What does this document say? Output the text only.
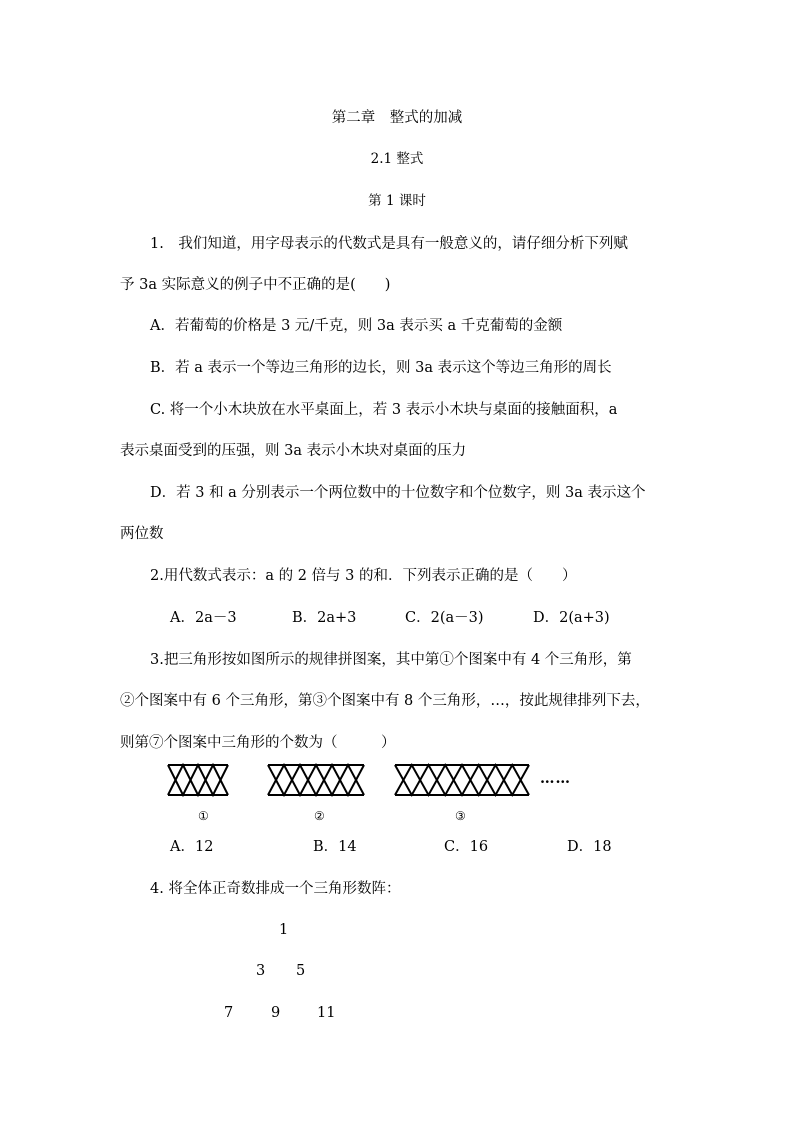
第二章　整式的加减
2.1 整式
第 1 课时
1.　我们知道，用字母表示的代数式是具有一般意义的，请仔细分析下列赋
予 3a 实际意义的例子中不正确的是(　　)
A．若葡萄的价格是 3 元/千克，则 3a 表示买 a 千克葡萄的金额
B．若 a 表示一个等边三角形的边长，则 3a 表示这个等边三角形的周长
C. 将一个小木块放在水平桌面上，若 3 表示小木块与桌面的接触面积，a
表示桌面受到的压强，则 3a 表示小木块对桌面的压力
D．若 3 和 a 分别表示一个两位数中的十位数字和个位数字，则 3a 表示这个
两位数
2.用代数式表示：a 的 2 倍与 3 的和．下列表示正确的是（　　）
A．2a－3	B．2a+3	C．2(a－3)	D．2(a+3)
3.把三角形按如图所示的规律拼图案，其中第①个图案中有 4 个三角形，第
②个图案中有 6 个三角形，第③个图案中有 8 个三角形，…，按此规律排列下去，
则第⑦个图案中三角形的个数为（　　　）
……
①	②	③
A．12	B．14	C．16	D．18
4. 将全体正奇数排成一个三角形数阵：
1
3 5
7	9	11
